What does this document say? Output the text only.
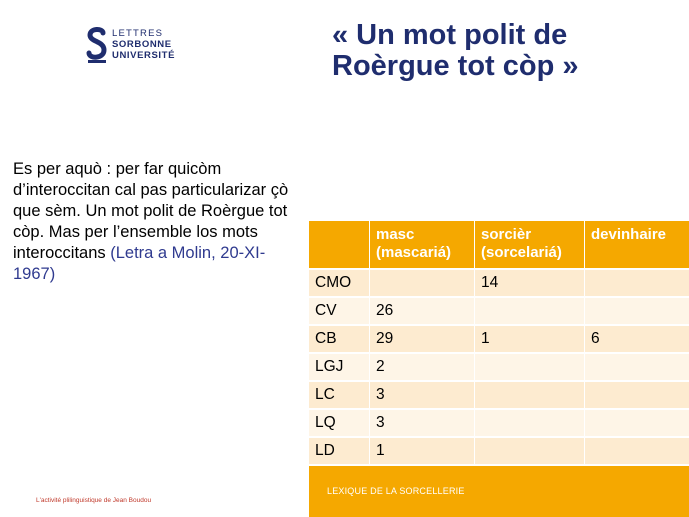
LETTRES
SORBONNE
UNIVERSITÉ
« Un mot polit de Roèrgue tot còp »
Es per aquò : per far quicòm d’interoccitan cal pas particularizar çò que sèm. Un mot polit de Roèrgue tot còp. Mas per l’ensemble los mots interoccitans (Letra a Molin, 20-XI-1967)
	masc (mascariá)	sorcièr (sorcelariá)	devinhaire
CMO		14	
CV	26		
CB	29	1	6
LGJ	2		
LC	3		
LQ	3		
LD	1		
LEXIQUE DE LA SORCELLERIE
L'activité plilinguistique de Jean Boudou
